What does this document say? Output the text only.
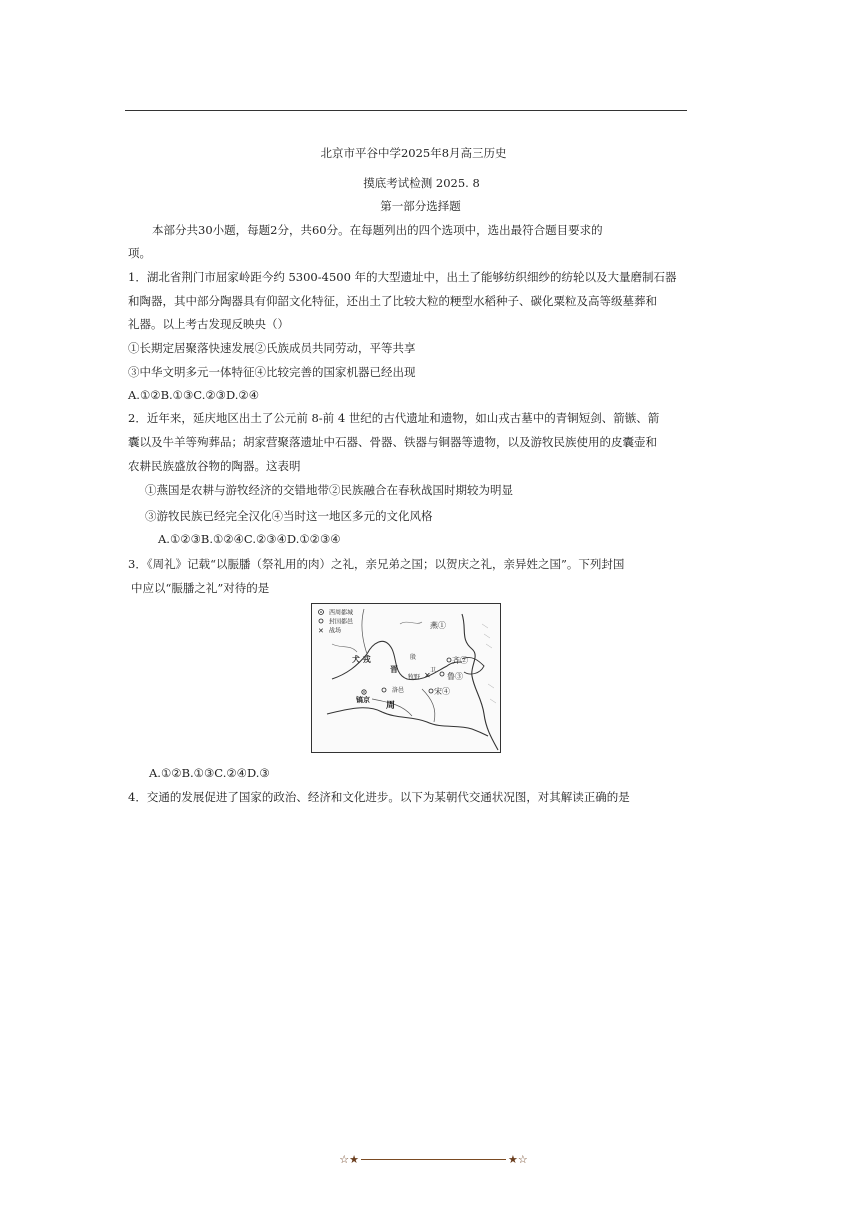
北京市平谷中学2025年8月高三历史
摸底考试检测 2025. 8
第一部分选择题
本部分共30小题，每题2分，共60分。在每题列出的四个选项中，选出最符合题目要求的
项。
1．湖北省荆门市屈家岭距今约 5300-4500 年的大型遗址中，出土了能够纺织细纱的纺轮以及大量磨制石器
和陶器，其中部分陶器具有仰韶文化特征，还出土了比较大粒的粳型水稻种子、碳化粟粒及高等级墓葬和
礼器。以上考古发现反映央（）
①长期定居聚落快速发展②氏族成员共同劳动，平等共享
③中华文明多元一体特征④比较完善的国家机器已经出现
A.①②B.①③C.②③D.②④
2．近年来，延庆地区出土了公元前 8-前 4 世纪的古代遗址和遗物，如山戎古墓中的青铜短剑、箭镞、箭
囊以及牛羊等殉葬品；胡家营聚落遗址中石器、骨器、铁器与铜器等遗物，以及游牧民族使用的皮囊壶和
农耕民族盛放谷物的陶器。这表明
①燕国是农耕与游牧经济的交错地带②民族融合在春秋战国时期较为明显
③游牧民族已经完全汉化④当时这一地区多元的文化风格
A.①②③B.①②④C.②③④D.①②③④
3．《周礼》记载“以脤膰（祭礼用的肉）之礼，亲兄弟之国；以贺庆之礼，亲异姓之国”。下列封国
中应以“脤膰之礼”对待的是
西周都城
封国都邑
✕ 战场
犬 戎
晋
周
镐京
燕①
齐②
鲁③
宋④
牧野 ✕
洛邑
卫
殷
A.①②B.①③C.②④D.③
4．交通的发展促进了国家的政治、经济和文化进步。以下为某朝代交通状况图，对其解读正确的是
☆★	★☆
